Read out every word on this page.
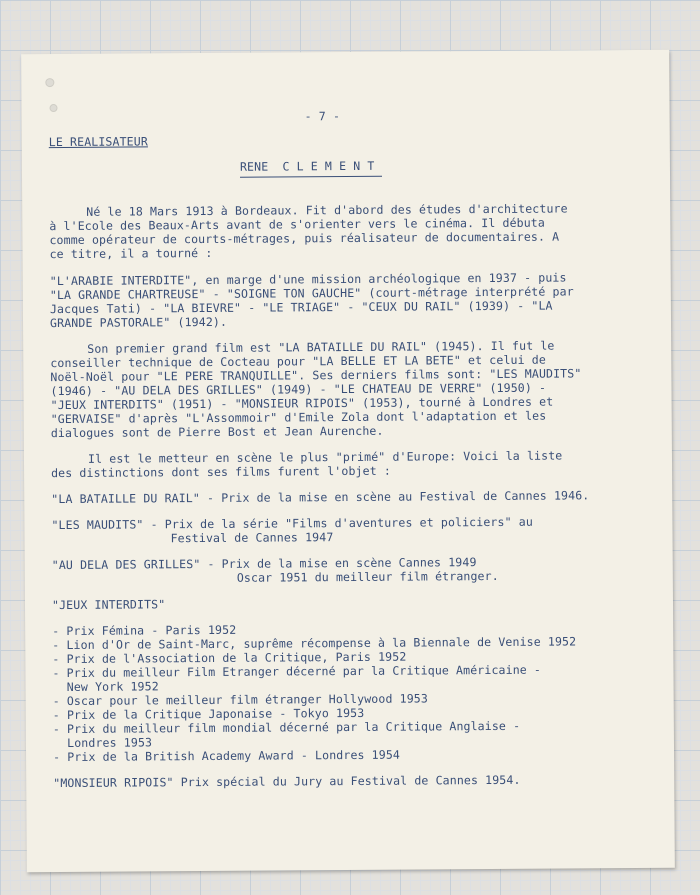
- 7 -

LE REALISATEUR

RENE  C L E M E N T

Né le 18 Mars 1913 à Bordeaux. Fit d'abord des études d'architecture

à l'Ecole des Beaux-Arts avant de s'orienter vers le cinéma. Il débuta

comme opérateur de courts-métrages, puis réalisateur de documentaires. A

ce titre, il a tourné :

"L'ARABIE INTERDITE", en marge d'une mission archéologique en 1937 - puis

"LA GRANDE CHARTREUSE" - "SOIGNE TON GAUCHE" (court-métrage interprété par

Jacques Tati) - "LA BIEVRE" - "LE TRIAGE" - "CEUX DU RAIL" (1939) - "LA

GRANDE PASTORALE" (1942).

Son premier grand film est "LA BATAILLE DU RAIL" (1945). Il fut le

conseiller technique de Cocteau pour "LA BELLE ET LA BETE" et celui de

Noël-Noël pour "LE PERE TRANQUILLE". Ses derniers films sont: "LES MAUDITS"

(1946) - "AU DELA DES GRILLES" (1949) - "LE CHATEAU DE VERRE" (1950) -

"JEUX INTERDITS" (1951) - "MONSIEUR RIPOIS" (1953), tourné à Londres et

"GERVAISE" d'après "L'Assommoir" d'Emile Zola dont l'adaptation et les

dialogues sont de Pierre Bost et Jean Aurenche.

Il est le metteur en scène le plus "primé" d'Europe: Voici la liste

des distinctions dont ses films furent l'objet :

"LA BATAILLE DU RAIL" - Prix de la mise en scène au Festival de Cannes 1946.

"LES MAUDITS" - Prix de la série "Films d'aventures et policiers" au

Festival de Cannes 1947

"AU DELA DES GRILLES" - Prix de la mise en scène Cannes 1949

Oscar 1951 du meilleur film étranger.

"JEUX INTERDITS"

- Prix Fémina - Paris 1952

- Lion d'Or de Saint-Marc, suprême récompense à la Biennale de Venise 1952

- Prix de l'Association de la Critique, Paris 1952

- Prix du meilleur Film Etranger décerné par la Critique Américaine -

New York 1952

- Oscar pour le meilleur film étranger Hollywood 1953

- Prix de la Critique Japonaise - Tokyo 1953

- Prix du meilleur film mondial décerné par la Critique Anglaise -

Londres 1953

- Prix de la British Academy Award - Londres 1954

"MONSIEUR RIPOIS" Prix spécial du Jury au Festival de Cannes 1954.
